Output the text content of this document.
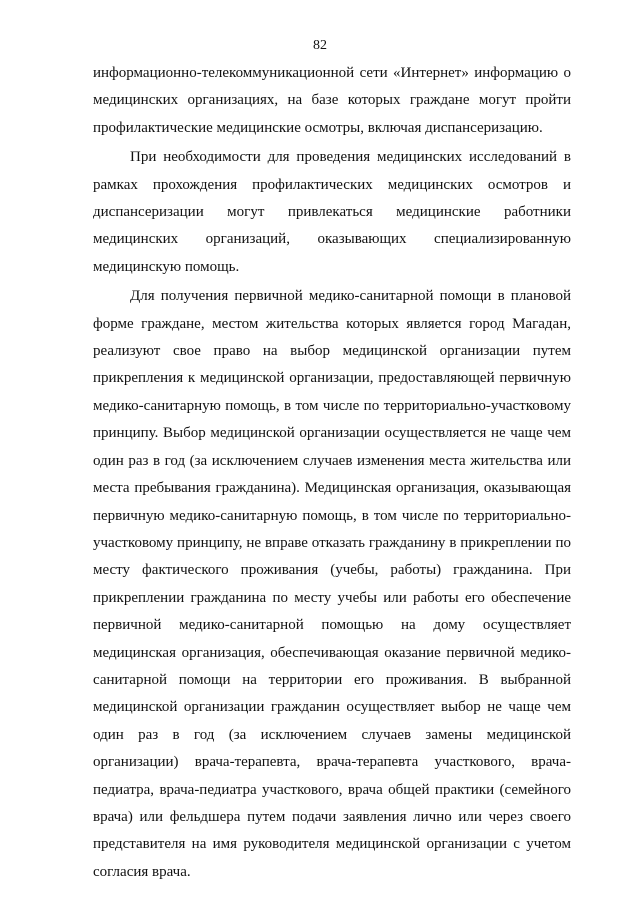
82

информационно-телекоммуникационной сети «Интернет» информацию о медицинских организациях, на базе которых граждане могут пройти профилактические медицинские осмотры, включая диспансеризацию.

При необходимости для проведения медицинских исследований в рамках прохождения профилактических медицинских осмотров и диспансеризации могут привлекаться медицинские работники медицинских организаций, оказывающих специализированную медицинскую помощь.

Для получения первичной медико-санитарной помощи в плановой форме гражданe, местом жительства которых является город Магадан, реализуют свое право на выбор медицинской организации путем прикрепления к медицинской организации, предоставляющей первичную медико-санитарную помощь, в том числе по территориально-участковому принципу. Выбор медицинской организации осуществляется не чаще чем один раз в год (за исключением случаев изменения места жительства или места пребывания гражданина). Медицинская организация, оказывающая первичную медико-санитарную помощь, в том числе по территориально-участковому принципу, не вправе отказать гражданину в прикреплении по месту фактического проживания (учебы, работы) гражданина. При прикреплении гражданина по месту учебы или работы его обеспечение первичной медико-санитарной помощью на дому осуществляет медицинская организация, обеспечивающая оказание первичной медико-санитарной помощи на территории его проживания. В выбранной медицинской организации гражданин осуществляет выбор не чаще чем один раз в год (за исключением случаев замены медицинской организации) врача-терапевта, врача-терапевта участкового, врача-педиатра, врача-педиатра участкового, врача общей практики (семейного врача) или фельдшера путем подачи заявления лично или через своего представителя на имя руководителя медицинской организации с учетом согласия врача.
